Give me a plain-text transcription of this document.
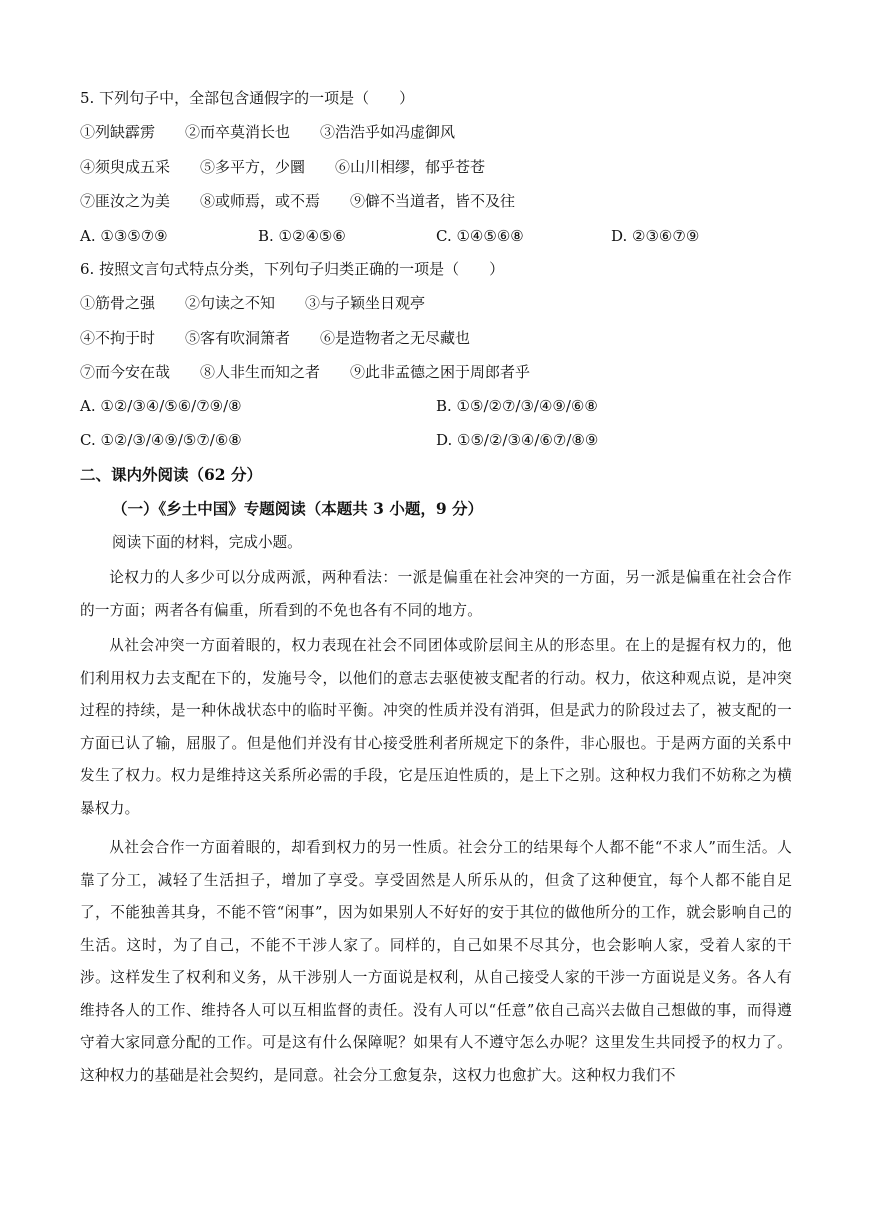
5. 下列句子中，全部包含通假字的一项是（　　）
①列缺霹雳　　②而卒莫消长也　　③浩浩乎如冯虚御风
④须臾成五采　　⑤多平方，少圜　　⑥山川相缪，郁乎苍苍
⑦匪汝之为美　　⑧或师焉，或不焉　　⑨僻不当道者，皆不及往
A. ①③⑤⑦⑨	B. ①②④⑤⑥	C. ①④⑤⑥⑧	D. ②③⑥⑦⑨
6. 按照文言句式特点分类，下列句子归类正确的一项是（　　）
①筋骨之强　　②句读之不知　　③与子颖坐日观亭
④不拘于时　　⑤客有吹洞箫者　　⑥是造物者之无尽藏也
⑦而今安在哉　　⑧人非生而知之者　　⑨此非孟德之困于周郎者乎
A. ①②/③④/⑤⑥/⑦⑨/⑧	B. ①⑤/②⑦/③/④⑨/⑥⑧
C. ①②/③/④⑨/⑤⑦/⑥⑧	D. ①⑤/②/③④/⑥⑦/⑧⑨
二、课内外阅读（62 分）
（一）《乡土中国》专题阅读（本题共 3 小题，9 分）
阅读下面的材料，完成小题。
论权力的人多少可以分成两派，两种看法：一派是偏重在社会冲突的一方面，另一派是偏重在社会合作的一方面；两者各有偏重，所看到的不免也各有不同的地方。
从社会冲突一方面着眼的，权力表现在社会不同团体或阶层间主从的形态里。在上的是握有权力的，他们利用权力去支配在下的，发施号令，以他们的意志去驱使被支配者的行动。权力，依这种观点说，是冲突过程的持续，是一种休战状态中的临时平衡。冲突的性质并没有消弭，但是武力的阶段过去了，被支配的一方面已认了输，屈服了。但是他们并没有甘心接受胜利者所规定下的条件，非心服也。于是两方面的关系中发生了权力。权力是维持这关系所必需的手段，它是压迫性质的，是上下之别。这种权力我们不妨称之为横暴权力。
从社会合作一方面着眼的，却看到权力的另一性质。社会分工的结果每个人都不能“不求人”而生活。人靠了分工，减轻了生活担子，增加了享受。享受固然是人所乐从的，但贪了这种便宜，每个人都不能自足了，不能独善其身，不能不管“闲事”，因为如果别人不好好的安于其位的做他所分的工作，就会影响自己的生活。这时，为了自己，不能不干涉人家了。同样的，自己如果不尽其分，也会影响人家，受着人家的干涉。这样发生了权利和义务，从干涉别人一方面说是权利，从自己接受人家的干涉一方面说是义务。各人有维持各人的工作、维持各人可以互相监督的责任。没有人可以“任意”依自己高兴去做自己想做的事，而得遵守着大家同意分配的工作。可是这有什么保障呢？如果有人不遵守怎么办呢？这里发生共同授予的权力了。这种权力的基础是社会契约，是同意。社会分工愈复杂，这权力也愈扩大。这种权力我们不
